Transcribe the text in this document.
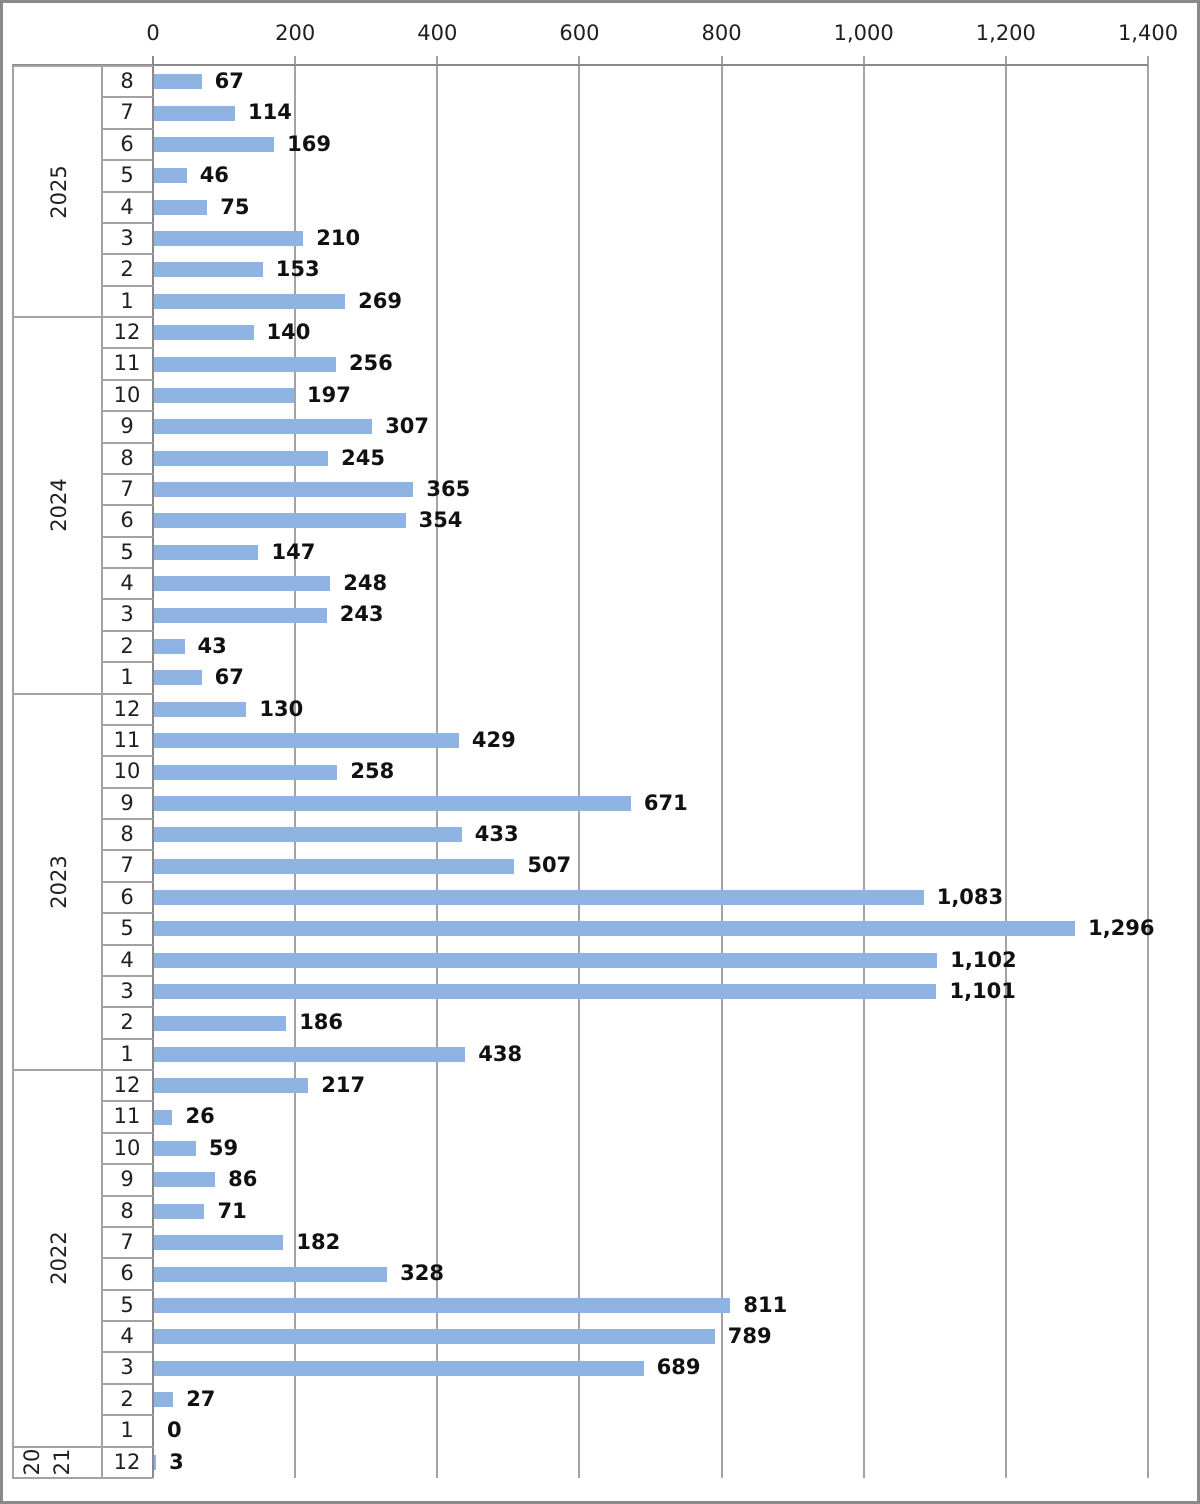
0	200	400	600	800	1,000	1,200	1,400
2025
8	67
7	114
6	169
5	46
4	75
3	210
2	153
1	269
2024
12	140
11	256
10	197
9	307
8	245
7	365
6	354
5	147
4	248
3	243
2	43
1	67
2023
12	130
11	429
10	258
9	671
8	433
7	507
6	1,083
5	1,296
4	1,102
3	1,101
2	186
1	438
2022
12	217
11	26
10	59
9	86
8	71
7	182
6	328
5	811
4	789
3	689
2	27
1	0
20 21	12	3
